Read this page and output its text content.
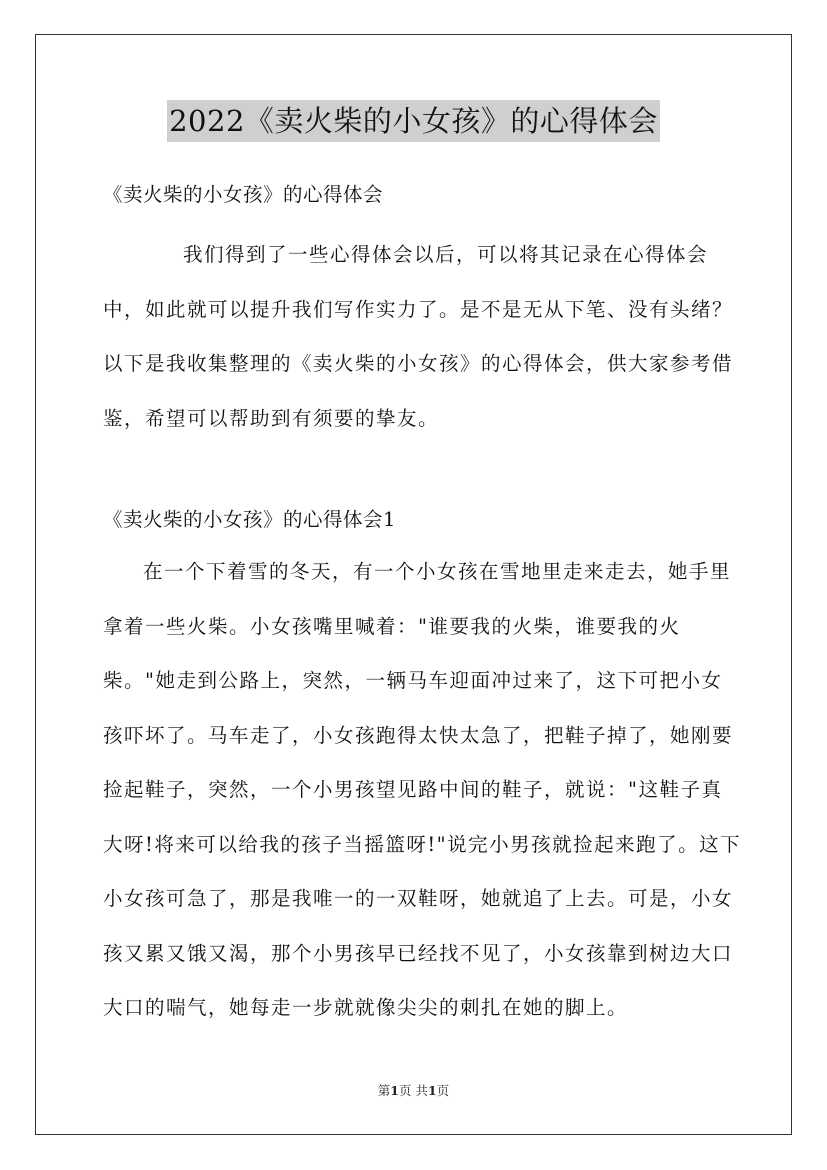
2022《卖火柴的小女孩》的心得体会

《卖火柴的小女孩》的心得体会

我们得到了一些心得体会以后，可以将其记录在心得体会中，如此就可以提升我们写作实力了。是不是无从下笔、没有头绪？以下是我收集整理的《卖火柴的小女孩》的心得体会，供大家参考借鉴，希望可以帮助到有须要的挚友。

《卖火柴的小女孩》的心得体会1

在一个下着雪的冬天，有一个小女孩在雪地里走来走去，她手里拿着一些火柴。小女孩嘴里喊着："谁要我的火柴，谁要我的火柴。"她走到公路上，突然，一辆马车迎面冲过来了，这下可把小女孩吓坏了。马车走了，小女孩跑得太快太急了，把鞋子掉了，她刚要捡起鞋子，突然，一个小男孩望见路中间的鞋子，就说："这鞋子真大呀!将来可以给我的孩子当摇篮呀!"说完小男孩就捡起来跑了。这下小女孩可急了，那是我唯一的一双鞋呀，她就追了上去。可是，小女孩又累又饿又渴，那个小男孩早已经找不见了，小女孩靠到树边大口大口的喘气，她每走一步就就像尖尖的刺扎在她的脚上。

第1页 共1页
